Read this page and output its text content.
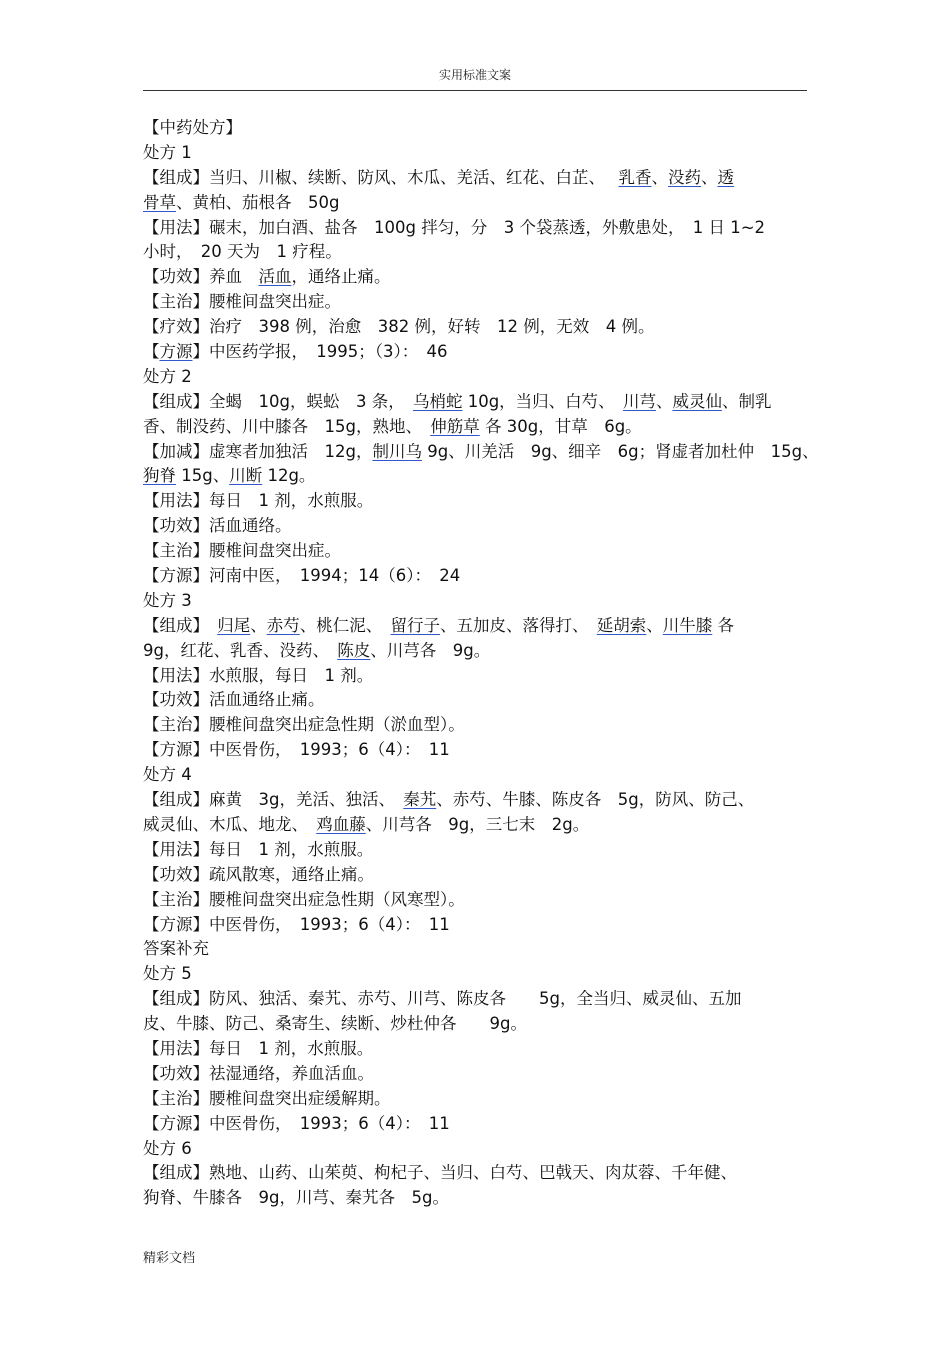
实用标准文案
【中药处方】
处方 1
【组成】当归、川椒、续断、防风、木瓜、羌活、红花、白芷、　 乳香、没药、透
骨草、黄柏、茄根各　50g
【用法】碾末，加白酒、盐各　100g 拌匀，分　3 个袋蒸透，外敷患处，　1 日 1~2
小时，　20 天为　1 疗程。
【功效】养血　活血，通络止痛。
【主治】腰椎间盘突出症。
【疗效】治疗　398 例，治愈　382 例，好转　12 例，无效　4 例。
【方源】中医药学报，　1995；（3）：　46
处方 2
【组成】全蝎　10g，蜈蚣　3 条，　乌梢蛇 10g，当归、白芍、　川芎、威灵仙、制乳
香、制没药、川中膝各　15g，熟地、　伸筋草 各 30g，甘草　6g。
【加减】虚寒者加独活　12g，制川乌 9g、川羌活　9g、细辛　6g；肾虚者加杜仲　15g、
狗脊 15g、川断 12g。
【用法】每日　1 剂，水煎服。
【功效】活血通络。
【主治】腰椎间盘突出症。
【方源】河南中医，　1994；14（6）：　24
处方 3
【组成】　归尾、赤芍、桃仁泥、　留行子、五加皮、落得打、　延胡索、川牛膝 各
9g，红花、乳香、没药、　陈皮、川芎各　9g。
【用法】水煎服，每日　1 剂。
【功效】活血通络止痛。
【主治】腰椎间盘突出症急性期（淤血型）。
【方源】中医骨伤，　1993；6（4）：　11
处方 4
【组成】麻黄　3g，羌活、独活、　秦艽、赤芍、牛膝、陈皮各　5g，防风、防己、
威灵仙、木瓜、地龙、　鸡血藤、川芎各　9g，三七末　2g。
【用法】每日　1 剂，水煎服。
【功效】疏风散寒，通络止痛。
【主治】腰椎间盘突出症急性期（风寒型）。
【方源】中医骨伤，　1993；6（4）：　11
答案补充
处方 5
【组成】防风、独活、秦艽、赤芍、川芎、陈皮各　　5g，全当归、威灵仙、五加
皮、牛膝、防己、桑寄生、续断、炒杜仲各　　9g。
【用法】每日　1 剂，水煎服。
【功效】祛湿通络，养血活血。
【主治】腰椎间盘突出症缓解期。
【方源】中医骨伤，　1993；6（4）：　11
处方 6
【组成】熟地、山药、山茱萸、枸杞子、当归、白芍、巴戟天、肉苁蓉、千年健、
狗脊、牛膝各　9g，川芎、秦艽各　5g。
精彩文档
